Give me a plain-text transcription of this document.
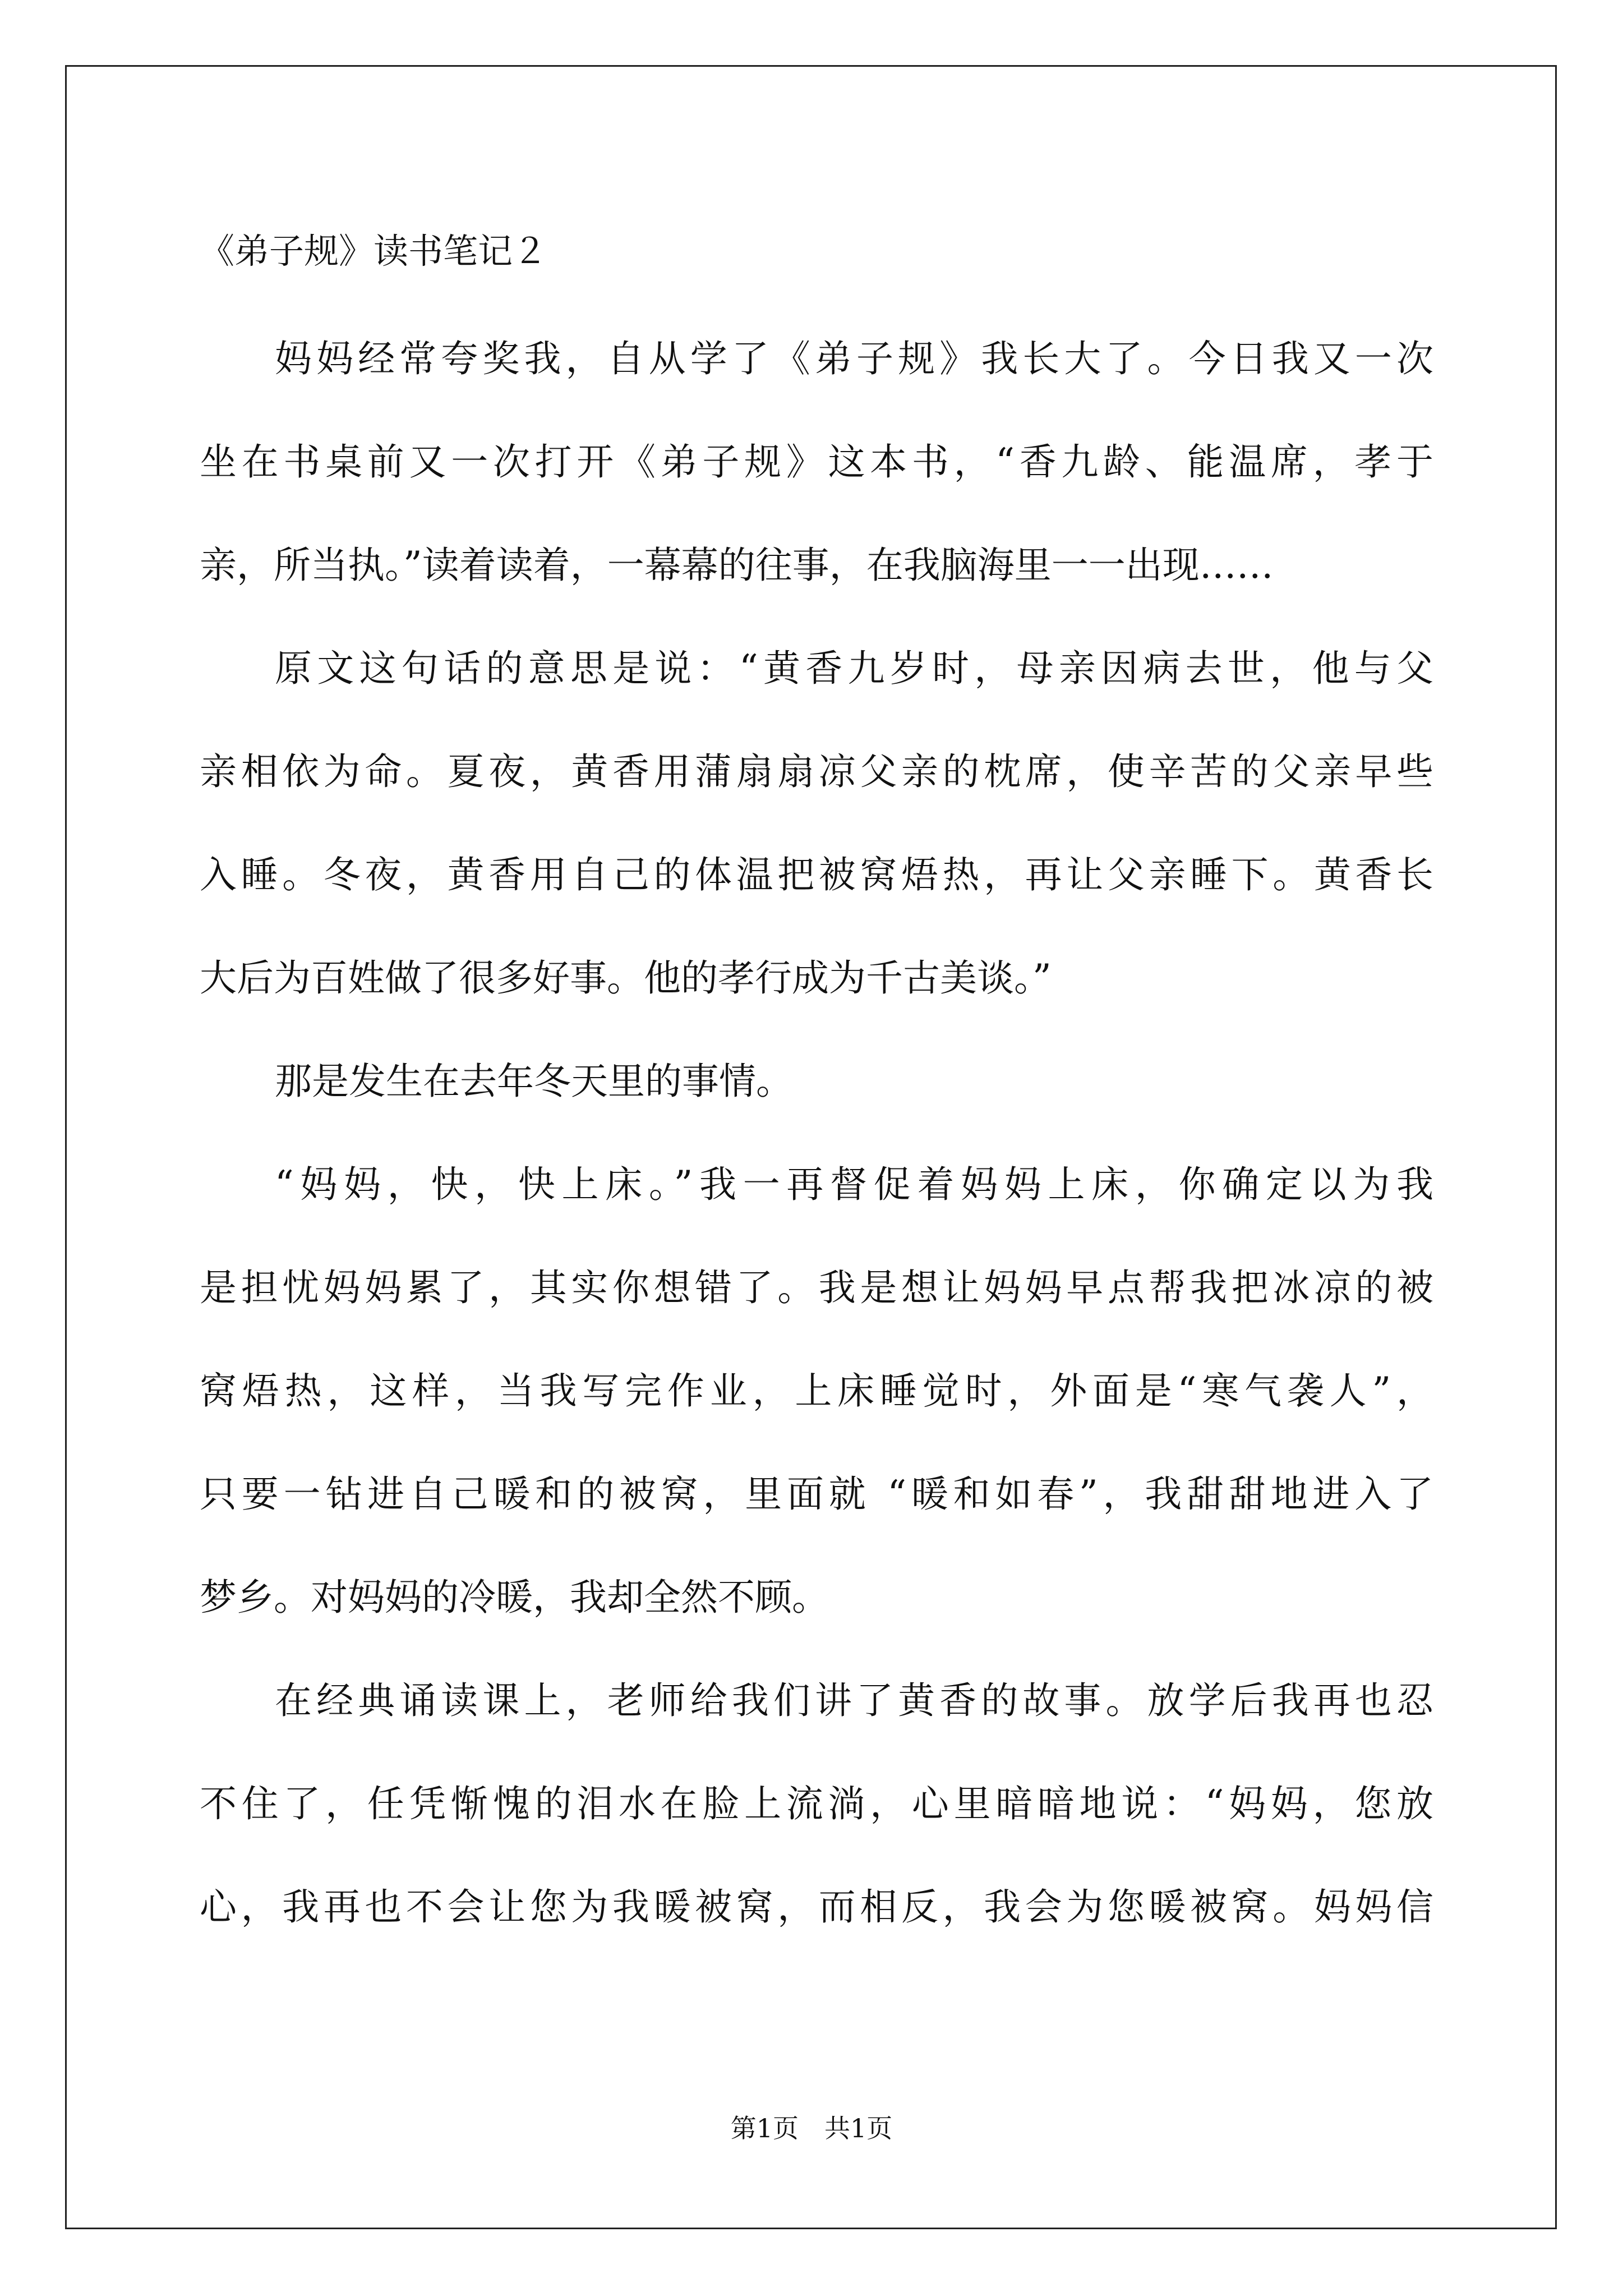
《弟子规》读书笔记２
妈妈经常夸奖我，自从学了《弟子规》我长大了。今日我又一次
坐在书桌前又一次打开《弟子规》这本书，“香九龄、能温席，孝于
亲，所当执。”读着读着，一幕幕的往事，在我脑海里一一出现……
原文这句话的意思是说：“黄香九岁时，母亲因病去世，他与父
亲相依为命。夏夜，黄香用蒲扇扇凉父亲的枕席，使辛苦的父亲早些
入睡。冬夜，黄香用自己的体温把被窝焐热，再让父亲睡下。黄香长
大后为百姓做了很多好事。他的孝行成为千古美谈。”
那是发生在去年冬天里的事情。
“妈妈，快，快上床。”我一再督促着妈妈上床，你确定以为我
是担忧妈妈累了，其实你想错了。我是想让妈妈早点帮我把冰凉的被
窝焐热，这样，当我写完作业，上床睡觉时，外面是“寒气袭人”，
只要一钻进自己暖和的被窝，里面就 “暖和如春”，我甜甜地进入了
梦乡。对妈妈的冷暖，我却全然不顾。
在经典诵读课上，老师给我们讲了黄香的故事。放学后我再也忍
不住了，任凭惭愧的泪水在脸上流淌，心里暗暗地说：“妈妈，您放
心，我再也不会让您为我暖被窝，而相反，我会为您暖被窝。妈妈信
第1页　共1页
